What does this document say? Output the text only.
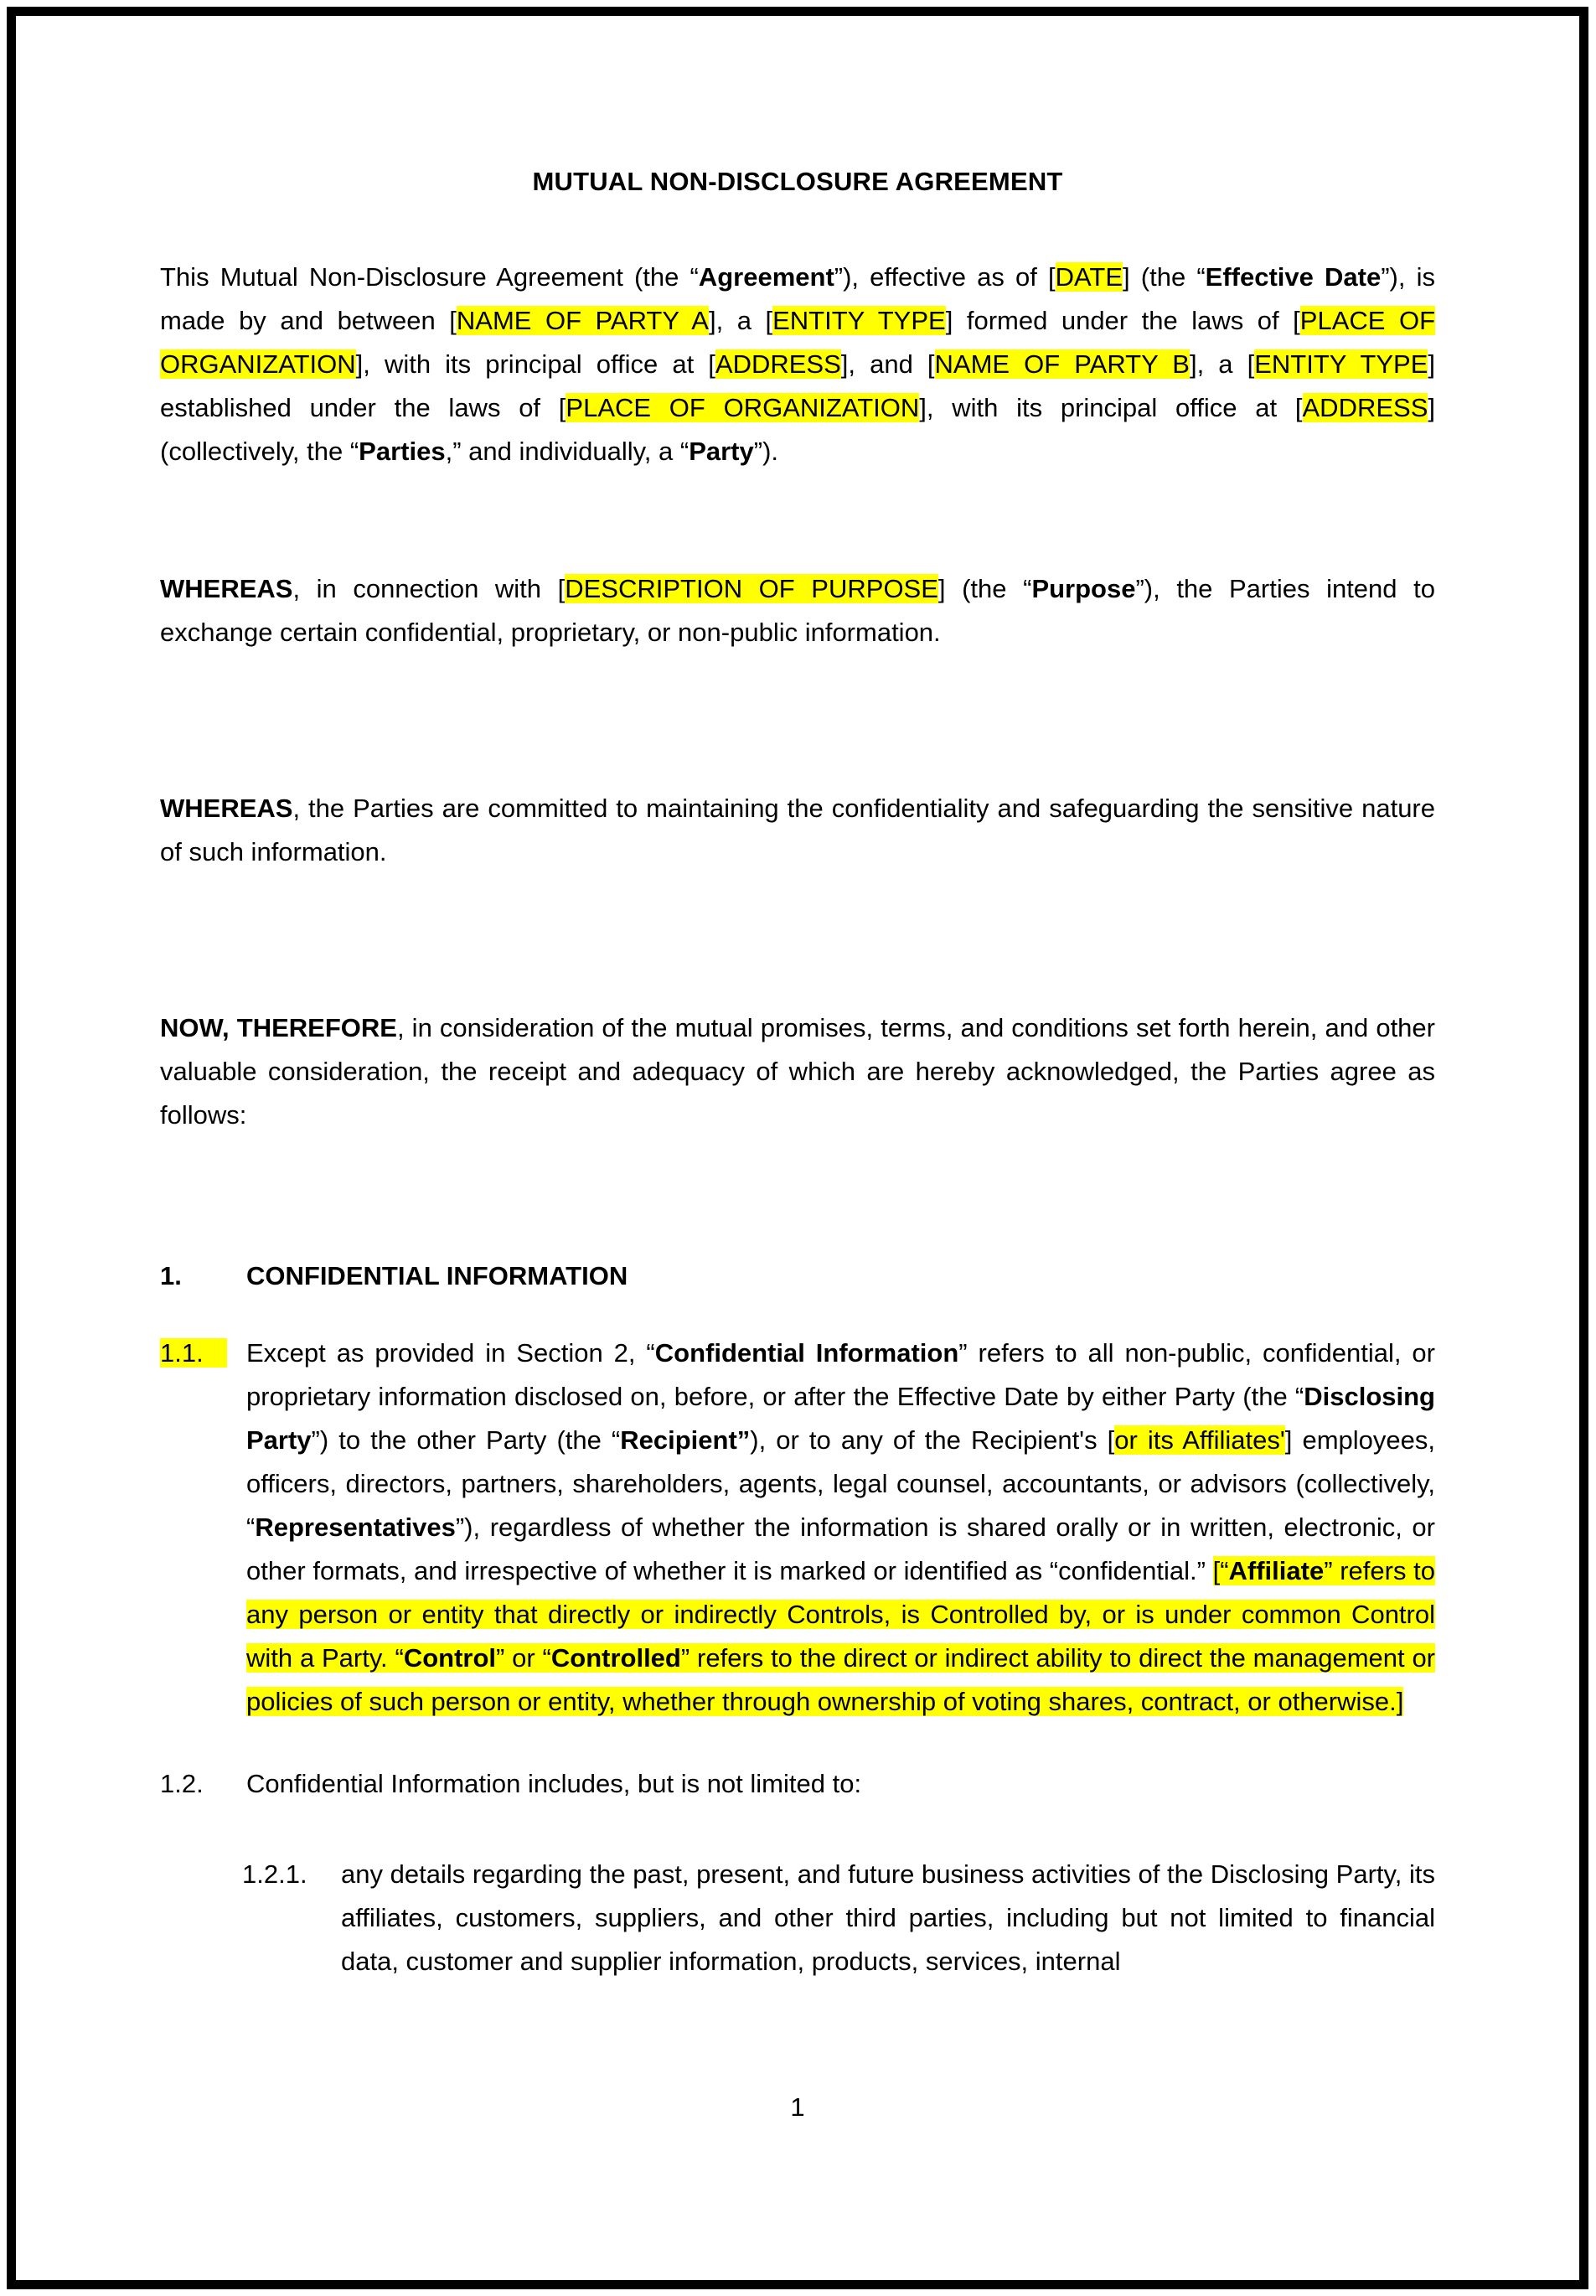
MUTUAL NON-DISCLOSURE AGREEMENT

This Mutual Non-Disclosure Agreement (the “Agreement”), effective as of [DATE] (the “Effective Date”), is made by and between [NAME OF PARTY A], a [ENTITY TYPE] formed under the laws of [PLACE OF ORGANIZATION], with its principal office at [ADDRESS], and [NAME OF PARTY B], a [ENTITY TYPE] established under the laws of [PLACE OF ORGANIZATION], with its principal office at [ADDRESS] (collectively, the “Parties,” and individually, a “Party”).

WHEREAS, in connection with [DESCRIPTION OF PURPOSE] (the “Purpose”), the Parties intend to exchange certain confidential, proprietary, or non-public information.

WHEREAS, the Parties are committed to maintaining the confidentiality and safeguarding the sensitive nature of such information.

NOW, THEREFORE, in consideration of the mutual promises, terms, and conditions set forth herein, and other valuable consideration, the receipt and adequacy of which are hereby acknowledged, the Parties agree as follows:

1.	CONFIDENTIAL INFORMATION
1.1.	Except as provided in Section 2, “Confidential Information” refers to all non-public, confidential, or proprietary information disclosed on, before, or after the Effective Date by either Party (the “Disclosing Party”) to the other Party (the “Recipient”), or to any of the Recipient's [or its Affiliates'] employees, officers, directors, partners, shareholders, agents, legal counsel, accountants, or advisors (collectively, “Representatives”), regardless of whether the information is shared orally or in written, electronic, or other formats, and irrespective of whether it is marked or identified as “confidential.” [“Affiliate” refers to any person or entity that directly or indirectly Controls, is Controlled by, or is under common Control with a Party. “Control” or “Controlled” refers to the direct or indirect ability to direct the management or policies of such person or entity, whether through ownership of voting shares, contract, or otherwise.]
1.2.	Confidential Information includes, but is not limited to:
1.2.1.	any details regarding the past, present, and future business activities of the Disclosing Party, its affiliates, customers, suppliers, and other third parties, including but not limited to financial data, customer and supplier information, products, services, internal
1
